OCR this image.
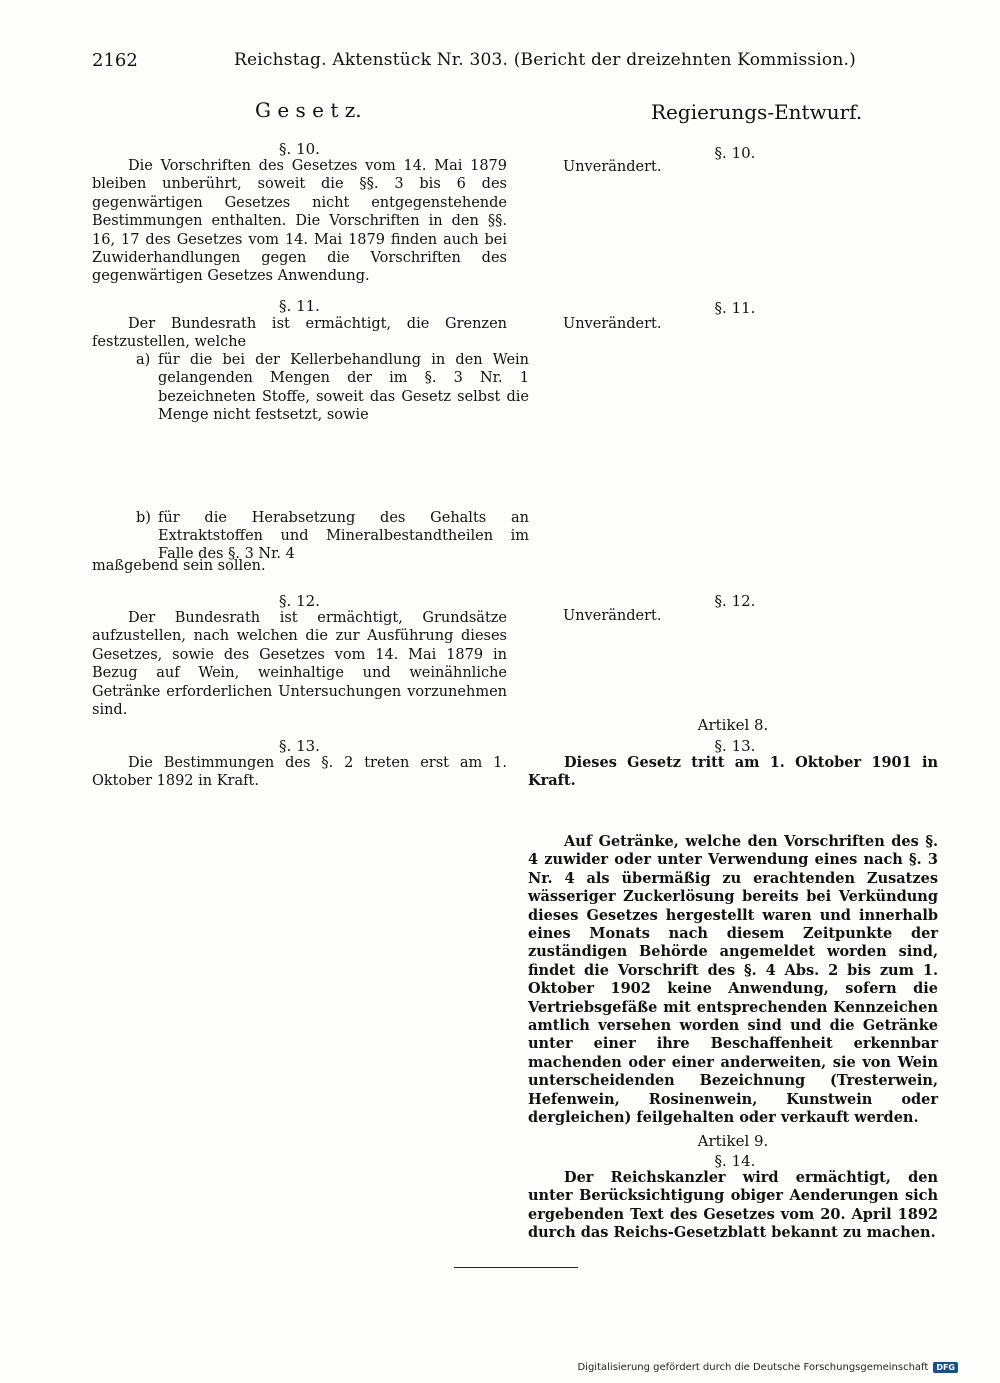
2162	Reichstag. Aktenstück Nr. 303. (Bericht der dreizehnten Kommission.)
G e s e t z.	Regierungs-Entwurf.
§. 10.

Die Vorschriften des Gesetzes vom 14. Mai 1879 bleiben unberührt, soweit die §§. 3 bis 6 des gegenwärtigen Gesetzes nicht entgegenstehende Bestimmungen enthalten. Die Vorschriften in den §§. 16, 17 des Gesetzes vom 14. Mai 1879 finden auch bei Zuwiderhandlungen gegen die Vorschriften des gegenwärtigen Gesetzes Anwendung.

§. 11.

Der Bundesrath ist ermächtigt, die Grenzen festzustellen, welche

a) für die bei der Kellerbehandlung in den Wein gelangenden Mengen der im §. 3 Nr. 1 bezeichneten Stoffe, soweit das Gesetz selbst die Menge nicht festsetzt, sowie
b) für die Herabsetzung des Gehalts an Extraktstoffen und Mineralbestandtheilen im Falle des §. 3 Nr. 4

maßgebend sein sollen.

§. 12.

Der Bundesrath ist ermächtigt, Grundsätze aufzustellen, nach welchen die zur Ausführung dieses Gesetzes, sowie des Gesetzes vom 14. Mai 1879 in Bezug auf Wein, weinhaltige und weinähnliche Getränke erforderlichen Untersuchungen vorzunehmen sind.

§. 13.

Die Bestimmungen des §. 2 treten erst am 1. Oktober 1892 in Kraft.

§. 10.
Unverändert.
§. 11.
Unverändert.
§. 12.
Unverändert.
Artikel 8.
§. 13.

Dieses Gesetz tritt am 1. Oktober 1901 in Kraft.

Auf Getränke, welche den Vorschriften des §. 4 zuwider oder unter Verwendung eines nach §. 3 Nr. 4 als übermäßig zu erachtenden Zusatzes wässeriger Zuckerlösung bereits bei Verkündung dieses Gesetzes hergestellt waren und innerhalb eines Monats nach diesem Zeitpunkte der zuständigen Behörde angemeldet worden sind, findet die Vorschrift des §. 4 Abs. 2 bis zum 1. Oktober 1902 keine Anwendung, sofern die Vertriebsgefäße mit entsprechenden Kennzeichen amtlich versehen worden sind und die Getränke unter einer ihre Beschaffenheit erkennbar machenden oder einer anderweiten, sie von Wein unterscheidenden Bezeichnung (Tresterwein, Hefenwein, Rosinenwein, Kunstwein oder dergleichen) feilgehalten oder verkauft werden.

Artikel 9.
§. 14.

Der Reichskanzler wird ermächtigt, den unter Berücksichtigung obiger Aenderungen sich ergebenden Text des Gesetzes vom 20. April 1892 durch das Reichs-Gesetzblatt bekannt zu machen.

Digitalisierung gefördert durch die Deutsche Forschungsgemeinschaft	DFG
